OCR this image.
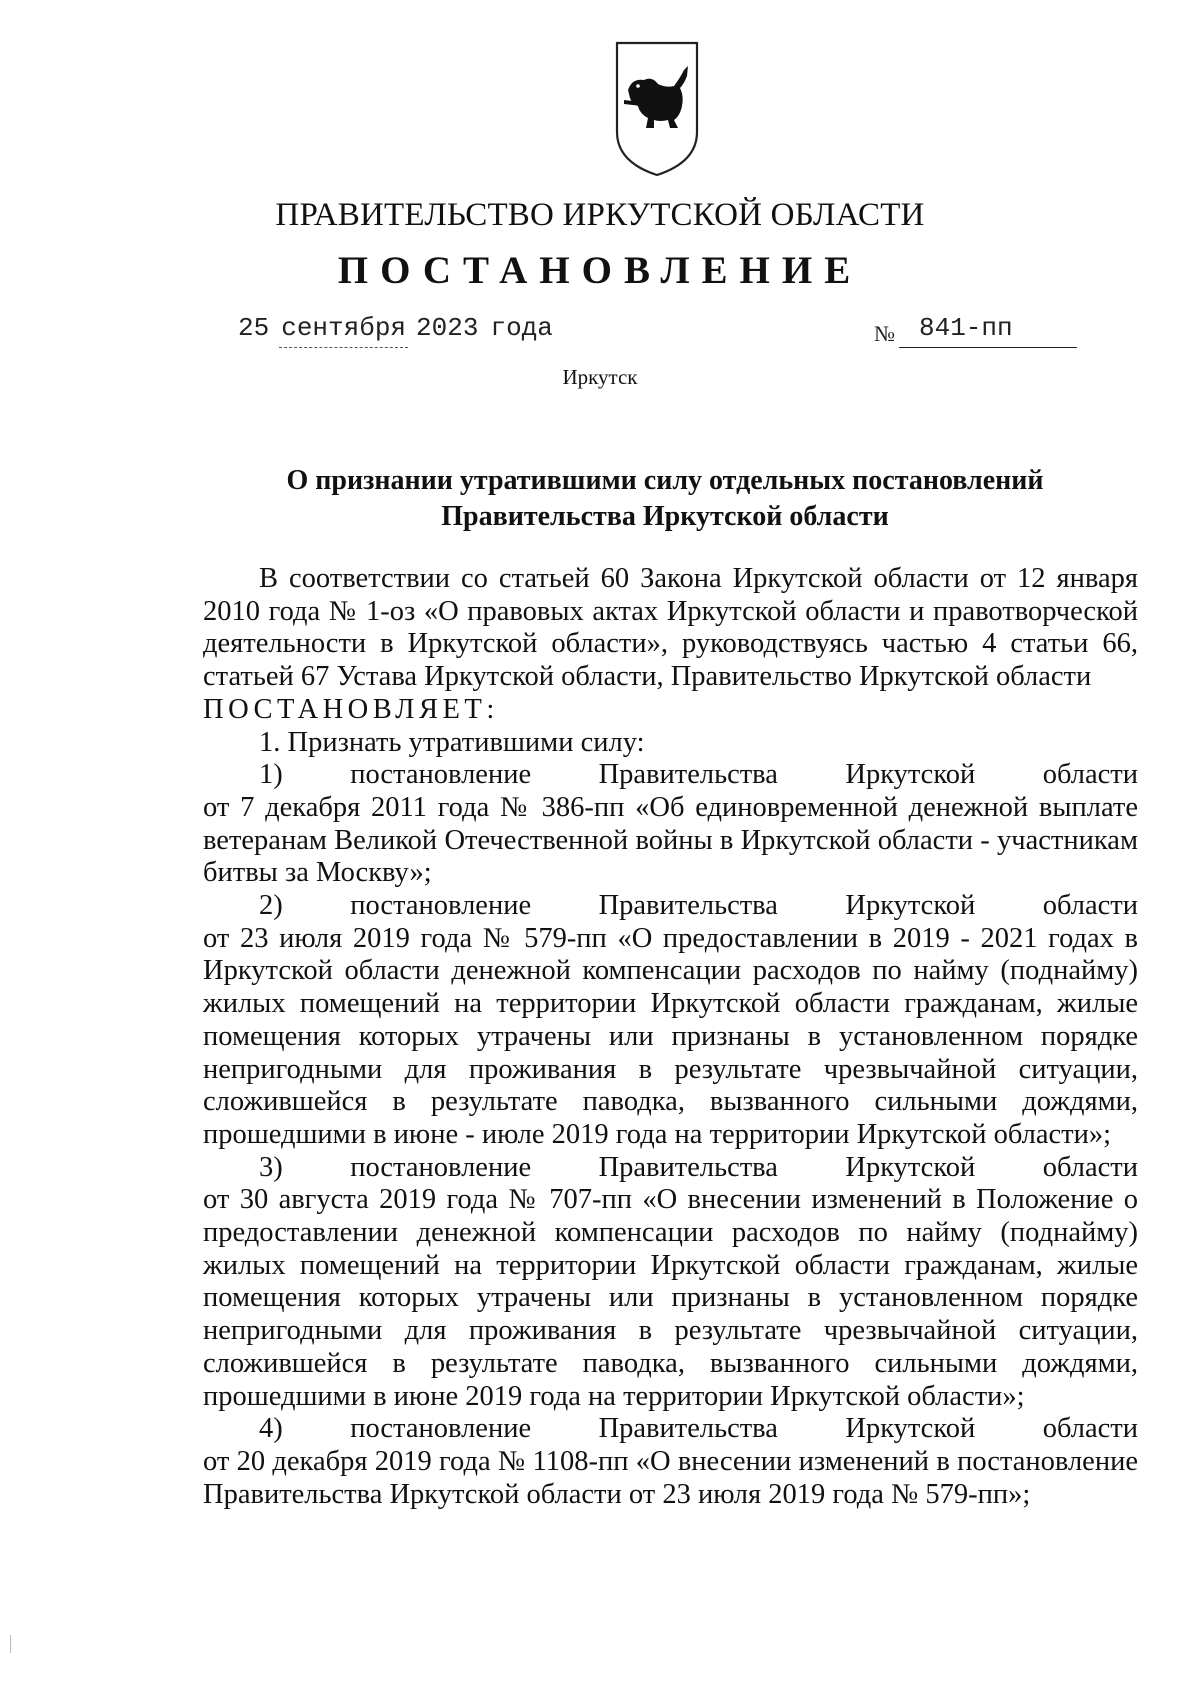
ПРАВИТЕЛЬСТВО ИРКУТСКОЙ ОБЛАСТИ
ПОСТАНОВЛЕНИЕ
25 сентября 2023 года	$_№$ 841-пп
Иркутск
О признании утратившими силу отдельных постановлений
Правительства Иркутской области

В соответствии со статьей 60 Закона Иркутской области от 12 января 2010 года № 1-оз «О правовых актах Иркутской области и правотворческой деятельности в Иркутской области», руководствуясь частью 4 статьи 66, статьей 67 Устава Иркутской области, Правительство Иркутской области

ПОСТАНОВЛЯЕТ:

1. Признать утратившими силу:

1) постановление Правительства Иркутской области

от 7 декабря 2011 года № 386-пп «Об единовременной денежной выплате ветеранам Великой Отечественной войны в Иркутской области - участникам битвы за Москву»;

2) постановление Правительства Иркутской области

от 23 июля 2019 года № 579-пп «О предоставлении в 2019 - 2021 годах в Иркутской области денежной компенсации расходов по найму (поднайму) жилых помещений на территории Иркутской области гражданам, жилые помещения которых утрачены или признаны в установленном порядке непригодными для проживания в результате чрезвычайной ситуации, сложившейся в результате паводка, вызванного сильными дождями, прошедшими в июне - июле 2019 года на территории Иркутской области»;

3) постановление Правительства Иркутской области

от 30 августа 2019 года № 707-пп «О внесении изменений в Положение о предоставлении денежной компенсации расходов по найму (поднайму) жилых помещений на территории Иркутской области гражданам, жилые помещения которых утрачены или признаны в установленном порядке непригодными для проживания в результате чрезвычайной ситуации, сложившейся в результате паводка, вызванного сильными дождями, прошедшими в июне 2019 года на территории Иркутской области»;

4) постановление Правительства Иркутской области

от 20 декабря 2019 года № 1108-пп «О внесении изменений в постановление Правительства Иркутской области от 23 июля 2019 года № 579-пп»;
